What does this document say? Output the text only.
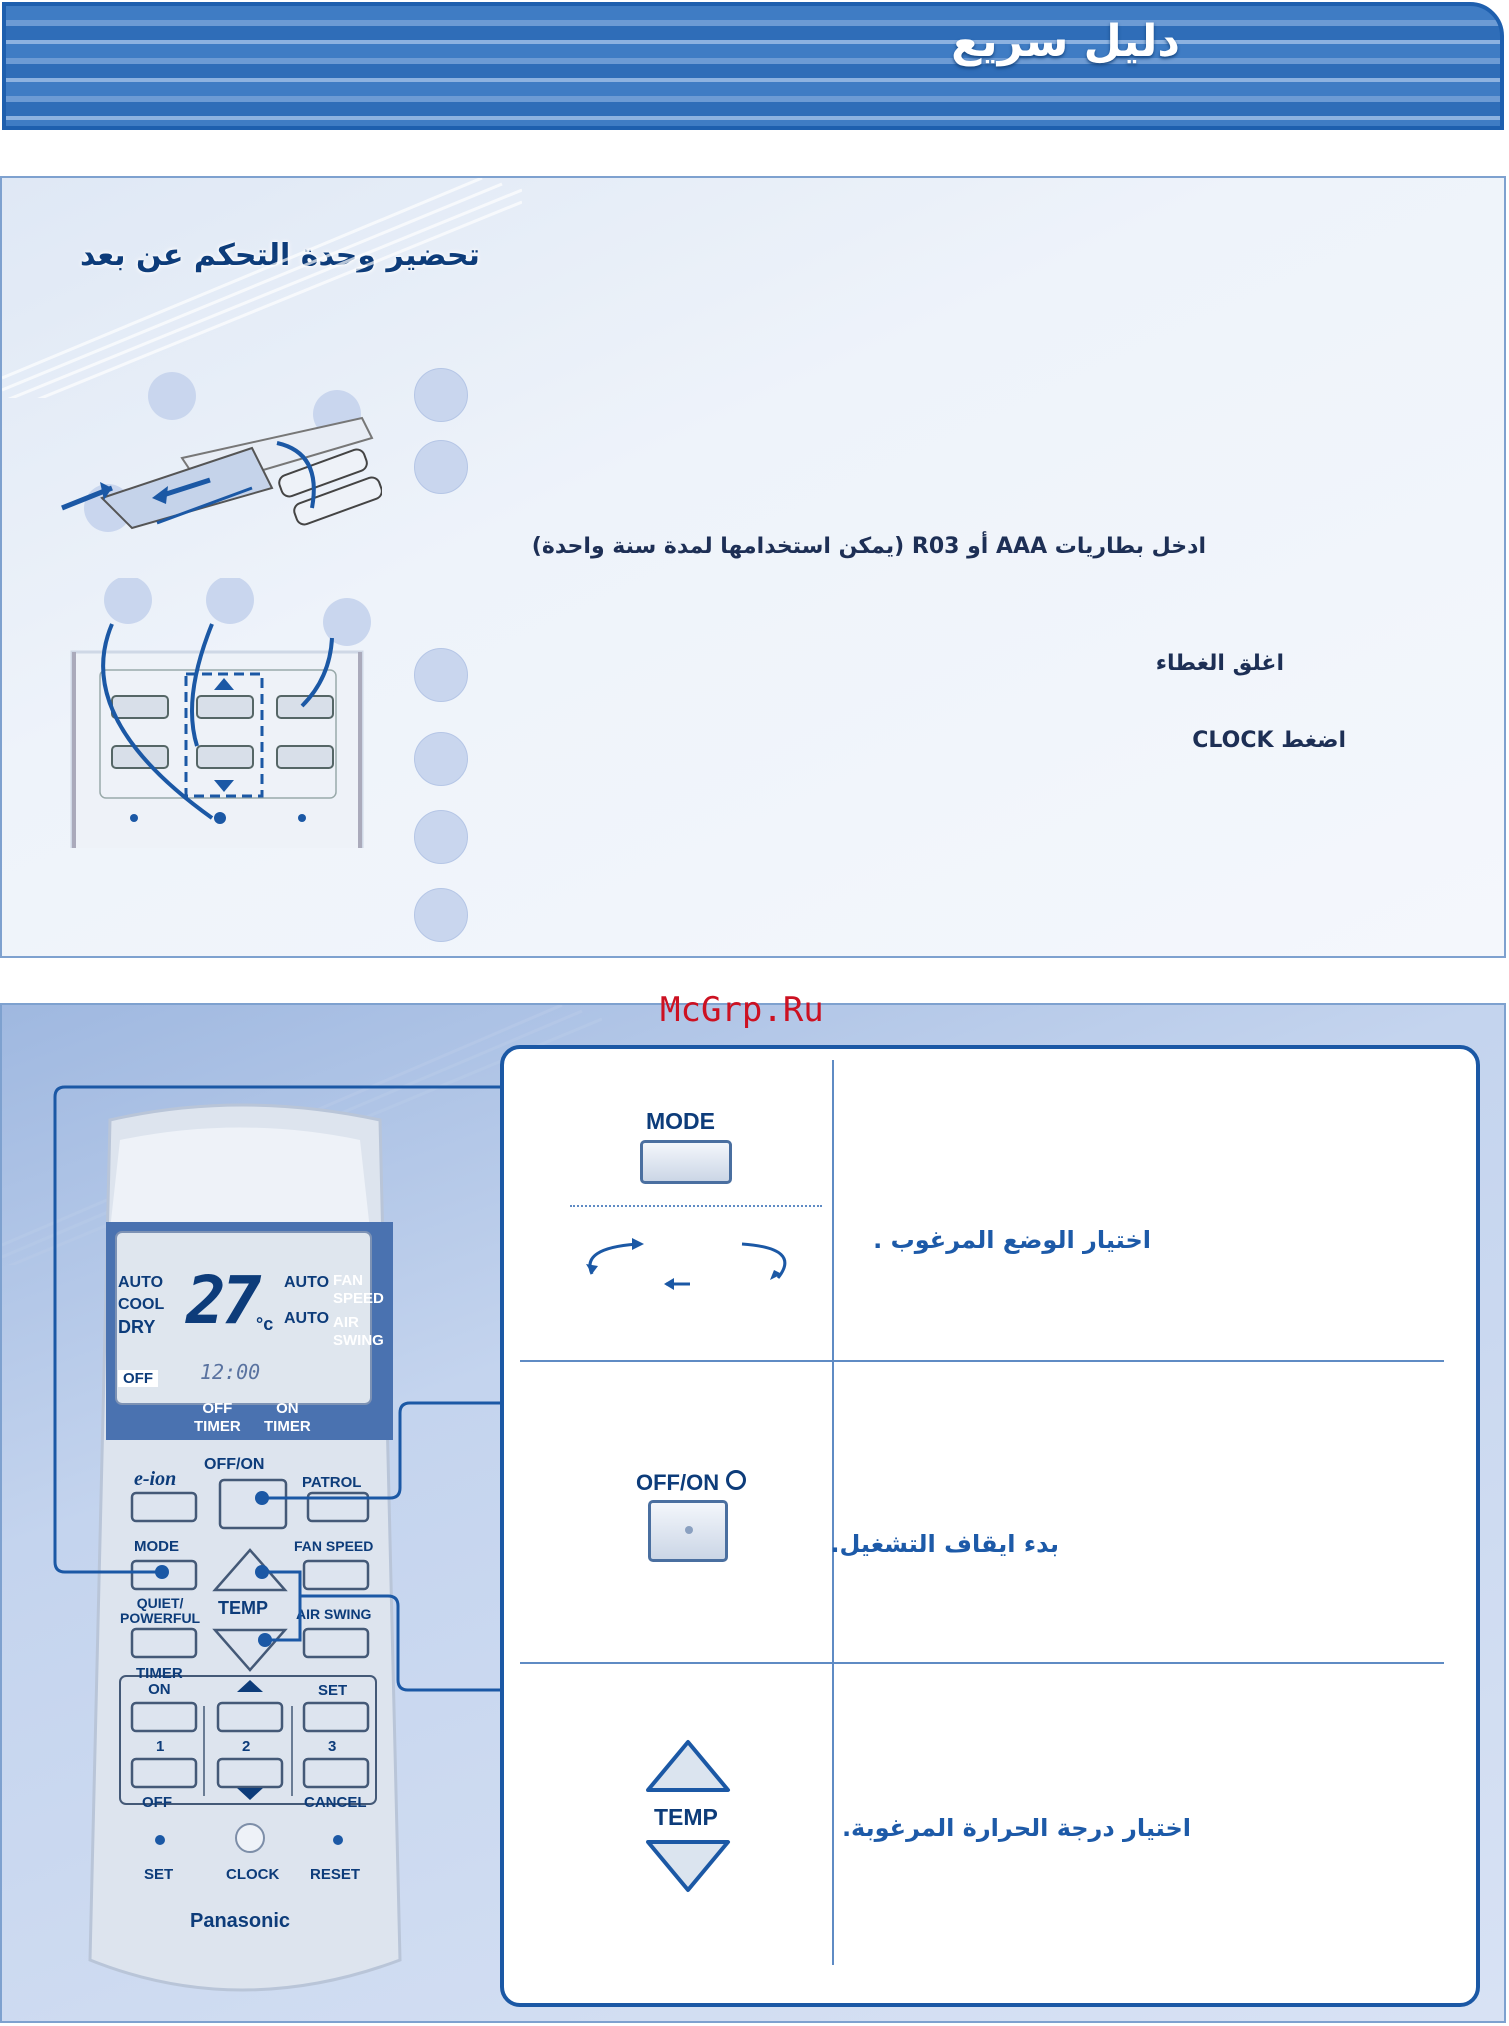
دليل سريع
تحضير وحدة التحكم عن بعد
ادخل بطاريات AAA أو R03 (يمكن استخدامها لمدة سنة واحدة)
اغلق الغطاء
اضغط CLOCK
McGrp.Ru
AUTO
COOL
DRY 27
°c
AUTO
AUTO
FAN
SPEED
AIR
SWING
OFF 12:00
OFF
TIMER
ON
TIMER
e-ion
OFF/ON
PATROL
MODE	FAN SPEED
QUIET/
POWERFUL TEMP AIR SWING
TIMER
ON	SET
1	2	3
OFF	CANCEL
SET	CLOCK RESET
Panasonic
MODE
اختيار الوضع المرغوب .
OFF/ON
بدء ايقاف التشغيل.
TEMP	اختيار درجة الحرارة المرغوبة.
